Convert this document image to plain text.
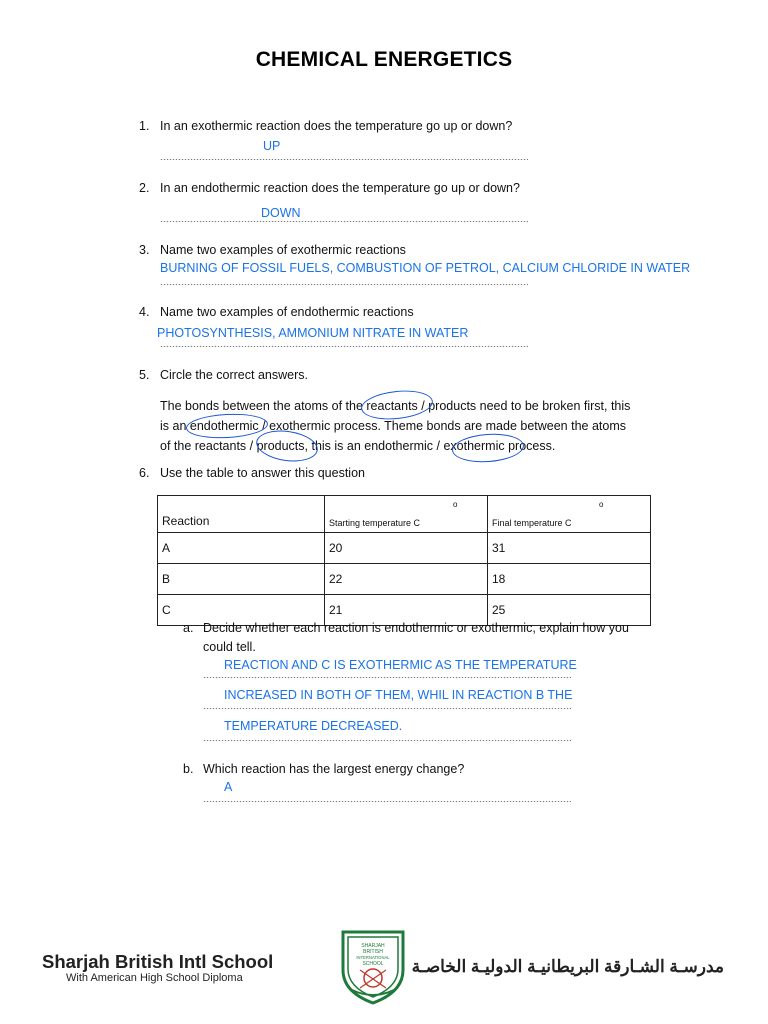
CHEMICAL ENERGETICS
1. In an exothermic reaction does the temperature go up or down?
UP
2. In an endothermic reaction does the temperature go up or down?
DOWN
3. Name two examples of exothermic reactions
BURNING OF FOSSIL FUELS, COMBUSTION OF PETROL, CALCIUM CHLORIDE IN WATER
4. Name two examples of endothermic reactions
PHOTOSYNTHESIS, AMMONIUM NITRATE IN WATER
5. Circle the correct answers.
The bonds between the atoms of the reactants / products need to be broken first, this
is an endothermic / exothermic process. Theme bonds are made between the atoms
of the reactants / products, this is an endothermic / exothermic process.
6. Use the table to answer this question
Reaction	Starting temperature C	Final temperature C
A	20	31
B	22	18
C	21	25
o	o
a. Decide whether each reaction is endothermic or exothermic, explain how you
could tell.
REACTION AND C IS EXOTHERMIC AS THE TEMPERATURE
INCREASED IN BOTH OF THEM, WHIL IN REACTION B THE
TEMPERATURE DECREASED.
b. Which reaction has the largest energy change?
A
Sharjah British Intl School
With American High School Diploma
SHARJAH
BRITISH
INTERNATIONAL
SCHOOL مدرسـة الشـارقة البريطانيـة الدوليـة الخاصـة
